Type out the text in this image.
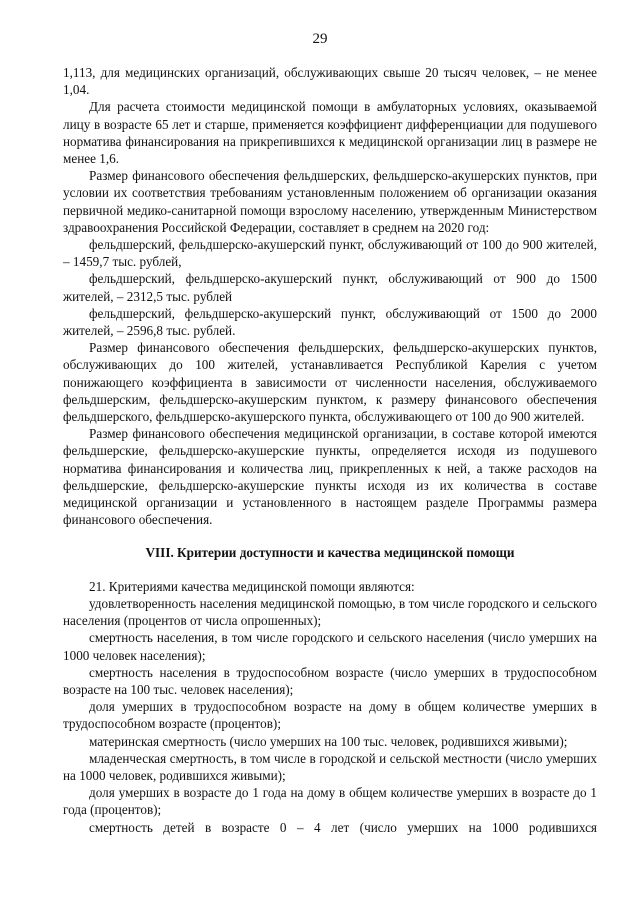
29

1,113, для медицинских организаций, обслуживающих свыше 20 тысяч человек, – не менее 1,04.

Для расчета стоимости медицинской помощи в амбулаторных условиях, оказываемой лицу в возрасте 65 лет и старше, применяется коэффициент дифференциации для подушевого норматива финансирования на прикрепившихся к медицинской организации лиц в размере не менее 1,6.

Размер финансового обеспечения фельдшерских, фельдшерско-акушерских пунктов, при условии их соответствия требованиям установленным положением об организации оказания первичной медико-санитарной помощи взрослому населению, утвержденным Министерством здравоохранения Российской Федерации, составляет в среднем на 2020 год:

фельдшерский, фельдшерско-акушерский пункт, обслуживающий от 100 до 900 жителей, – 1459,7 тыс. рублей,

фельдшерский, фельдшерско-акушерский пункт, обслуживающий от 900 до 1500 жителей, – 2312,5 тыс. рублей

фельдшерский, фельдшерско-акушерский пункт, обслуживающий от 1500 до 2000 жителей, – 2596,8 тыс. рублей.

Размер финансового обеспечения фельдшерских, фельдшерско-акушерских пунктов, обслуживающих до 100 жителей, устанавливается Республикой Карелия с учетом понижающего коэффициента в зависимости от численности населения, обслуживаемого фельдшерским, фельдшерско-акушерским пунктом, к размеру финансового обеспечения фельдшерского, фельдшерско-акушерского пункта, обслуживающего от 100 до 900 жителей.

Размер финансового обеспечения медицинской организации, в составе которой имеются фельдшерские, фельдшерско-акушерские пункты, определяется исходя из подушевого норматива финансирования и количества лиц, прикрепленных к ней, а также расходов на фельдшерские, фельдшерско-акушерские пункты исходя из их количества в составе медицинской организации и установленного в настоящем разделе Программы размера финансового обеспечения.

VIII. Критерии доступности и качества медицинской помощи

21. Критериями качества медицинской помощи являются:

удовлетворенность населения медицинской помощью, в том числе городского и сельского населения (процентов от числа опрошенных);

смертность населения, в том числе городского и сельского населения (число умерших на 1000 человек населения);

смертность населения в трудоспособном возрасте (число умерших в трудоспособном возрасте на 100 тыс. человек населения);

доля умерших в трудоспособном возрасте на дому в общем количестве умерших в трудоспособном возрасте (процентов);

материнская смертность (число умерших на 100 тыс. человек, родившихся живыми);

младенческая смертность, в том числе в городской и сельской местности (число умерших на 1000 человек, родившихся живыми);

доля умерших в возрасте до 1 года на дому в общем количестве умерших в возрасте до 1 года (процентов);

смертность детей в возрасте 0 – 4 лет (число умерших на 1000 родившихся
